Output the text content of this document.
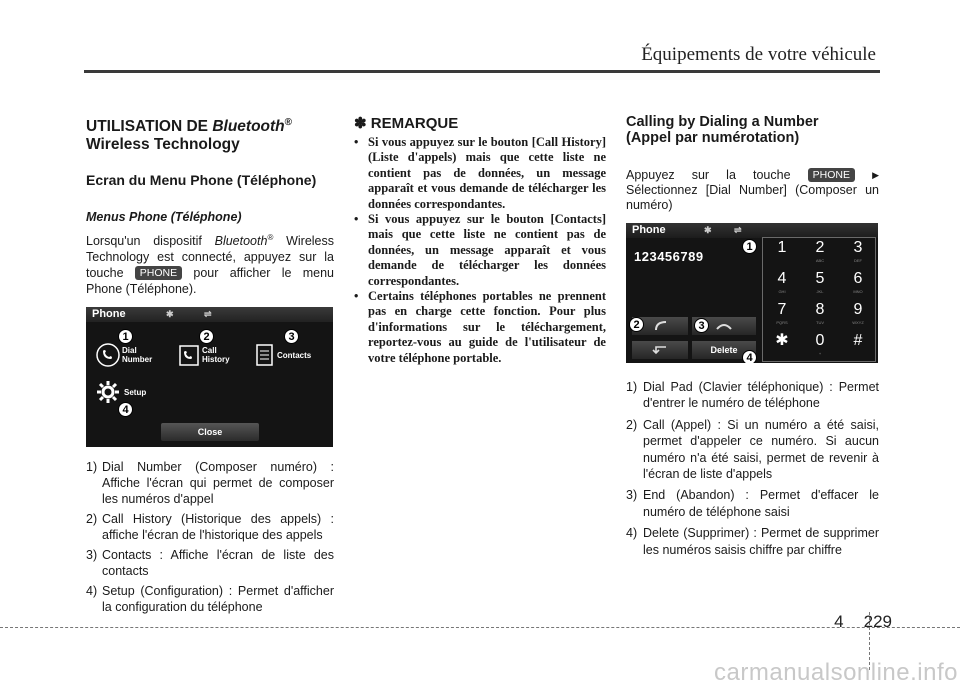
Équipements de votre véhicule
UTILISATION DE Bluetooth®
Wireless Technology
Ecran du Menu Phone (Téléphone)
Menus Phone (Téléphone)
Lorsqu'un dispositif Bluetooth® Wireless Technology est connecté, appuyez sur la touche PHONE pour afficher le menu Phone (Téléphone).
Phone	✱	⇌
1	2	3
4
Dial
Number
Call
History	Contacts
Setup
Close
1) Dial Number (Composer numéro) : Affiche l'écran qui permet de composer les numéros d'appel
2) Call History (Historique des appels) : affiche l'écran de l'historique des appels
3) Contacts : Affiche l'écran de liste des contacts
4) Setup (Configuration) : Permet d'afficher la configuration du téléphone
✽ REMARQUE
• Si vous appuyez sur le bouton [Call History] (Liste d'appels) mais que cette liste ne contient pas de données, un message apparaît et vous demande de télécharger les données correspondantes.
• Si vous appuyez sur le bouton [Contacts] mais que cette liste ne contient pas de données, un message apparaît et vous demande de télécharger les données correspondantes.
• Certains téléphones portables ne prennent pas en charge cette fonction. Pour plus d'informations sur le téléchargement, reportez-vous au guide de l'utilisateur de votre téléphone portable.
Calling by Dialing a Number
(Appel par numérotation)
Appuyez sur la touche PHONE ▶ Sélectionnez [Dial Number] (Composer un numéro)
Phone	✱ ⇌
123456789
1	2
ABC
3
DEF
4
GHI
5
JKL
6
MNO
7
PQRS
8
TUV
9
WXYZ
✱	0
+
#
Delete
1
2	3
4
1) Dial Pad (Clavier téléphonique) : Permet d'entrer le numéro de téléphone
2) Call (Appel) : Si un numéro a été saisi, permet d'appeler ce numéro. Si aucun numéro n'a été saisi, permet de revenir à l'écran de liste d'appels
3) End (Abandon) : Permet d'effacer le numéro de téléphone saisi
4) Delete (Supprimer) : Permet de supprimer les numéros saisis chiffre par chiffre
4 229
carmanualsonline.info
